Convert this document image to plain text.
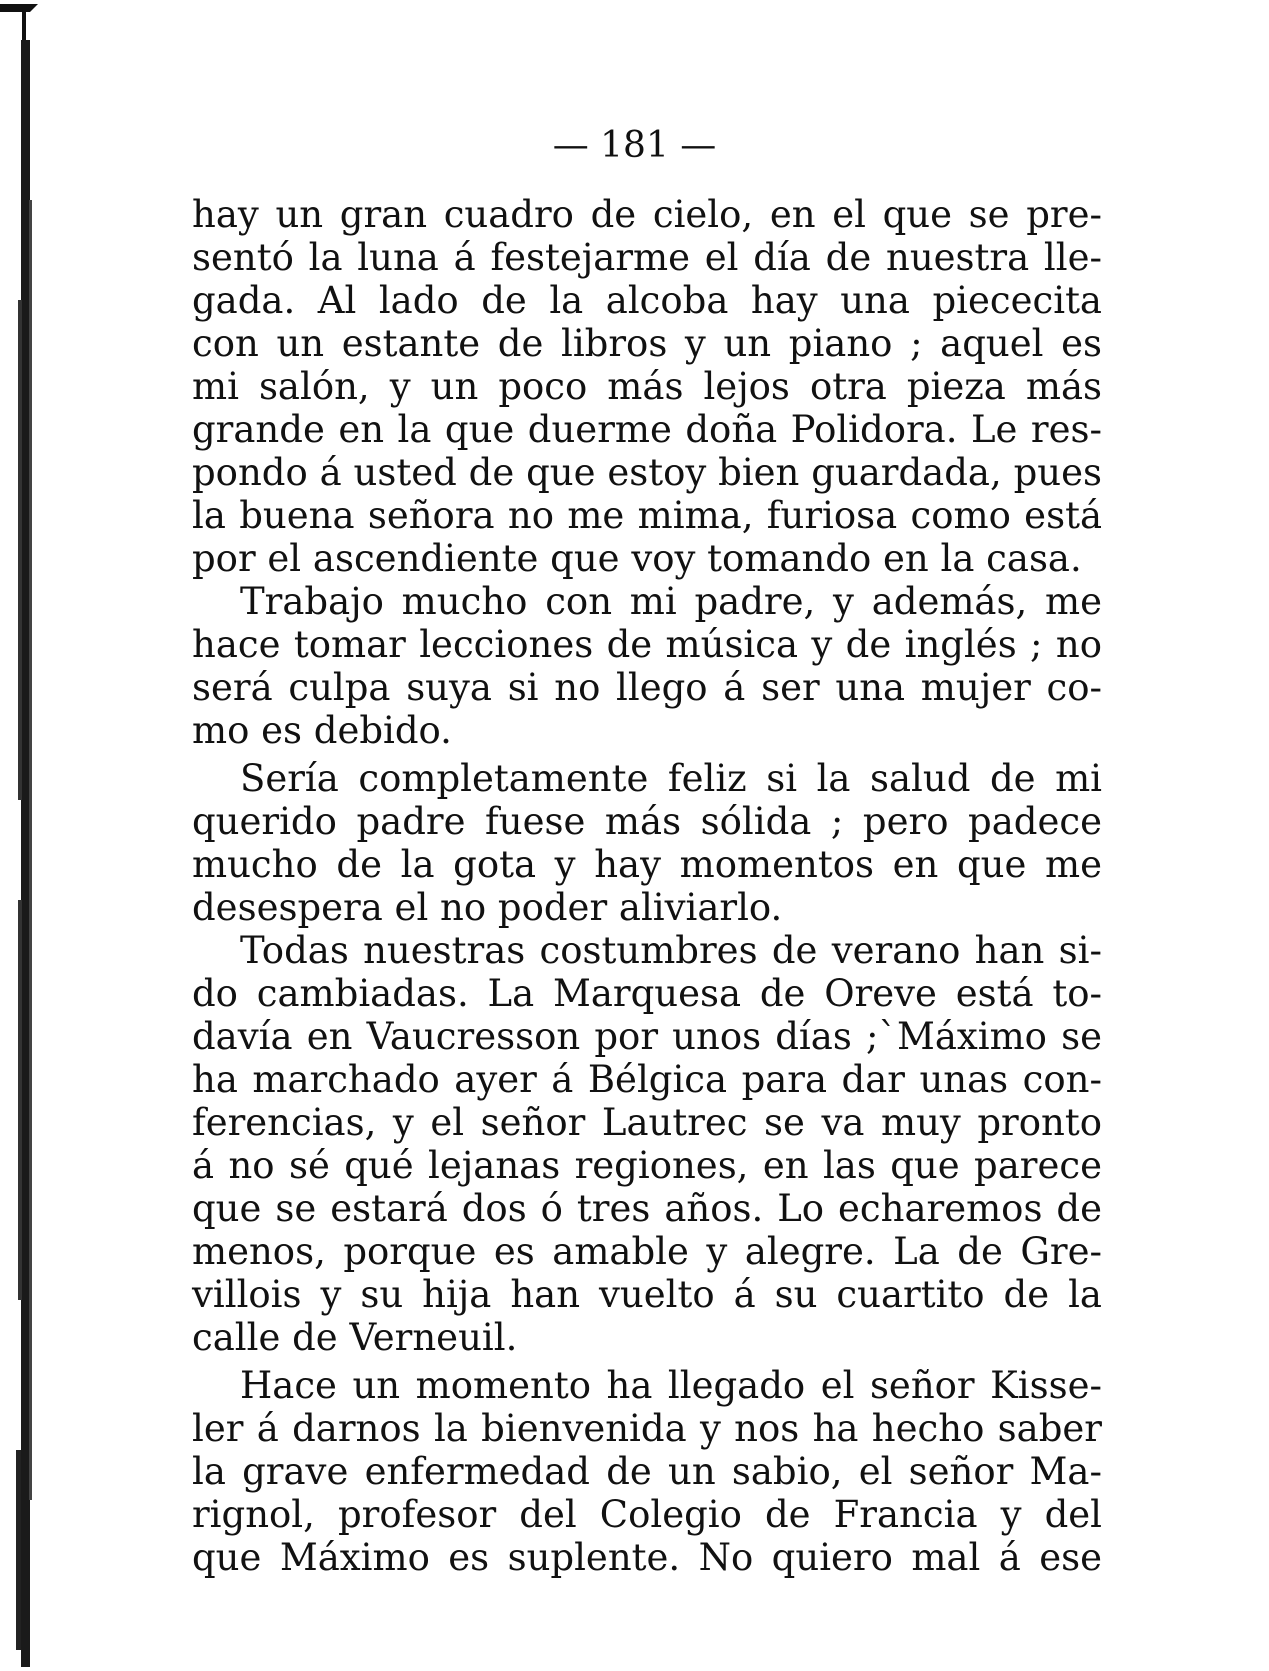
— 181 —
hay un gran cuadro de cielo, en el que se pre-
sentó la luna á festejarme el día de nuestra lle-
gada. Al lado de la alcoba hay una piececita
con un estante de libros y un piano ; aquel es
mi salón, y un poco más lejos otra pieza más
grande en la que duerme doña Polidora. Le res-
pondo á usted de que estoy bien guardada, pues
la buena señora no me mima, furiosa como está
por el ascendiente que voy tomando en la casa.
Trabajo mucho con mi padre, y además, me
hace tomar lecciones de música y de inglés ; no
será culpa suya si no llego á ser una mujer co-
mo es debido.
Sería completamente feliz si la salud de mi
querido padre fuese más sólida ; pero padece
mucho de la gota y hay momentos en que me
desespera el no poder aliviarlo.
Todas nuestras costumbres de verano han si-
do cambiadas. La Marquesa de Oreve está to-
davía en Vaucresson por unos días ;`Máximo se
ha marchado ayer á Bélgica para dar unas con-
ferencias, y el señor Lautrec se va muy pronto
á no sé qué lejanas regiones, en las que parece
que se estará dos ó tres años. Lo echaremos de
menos, porque es amable y alegre. La de Gre-
villois y su hija han vuelto á su cuartito de la
calle de Verneuil.
Hace un momento ha llegado el señor Kisse-
ler á darnos la bienvenida y nos ha hecho saber
la grave enfermedad de un sabio, el señor Ma-
rignol, profesor del Colegio de Francia y del
que Máximo es suplente. No quiero mal á ese
